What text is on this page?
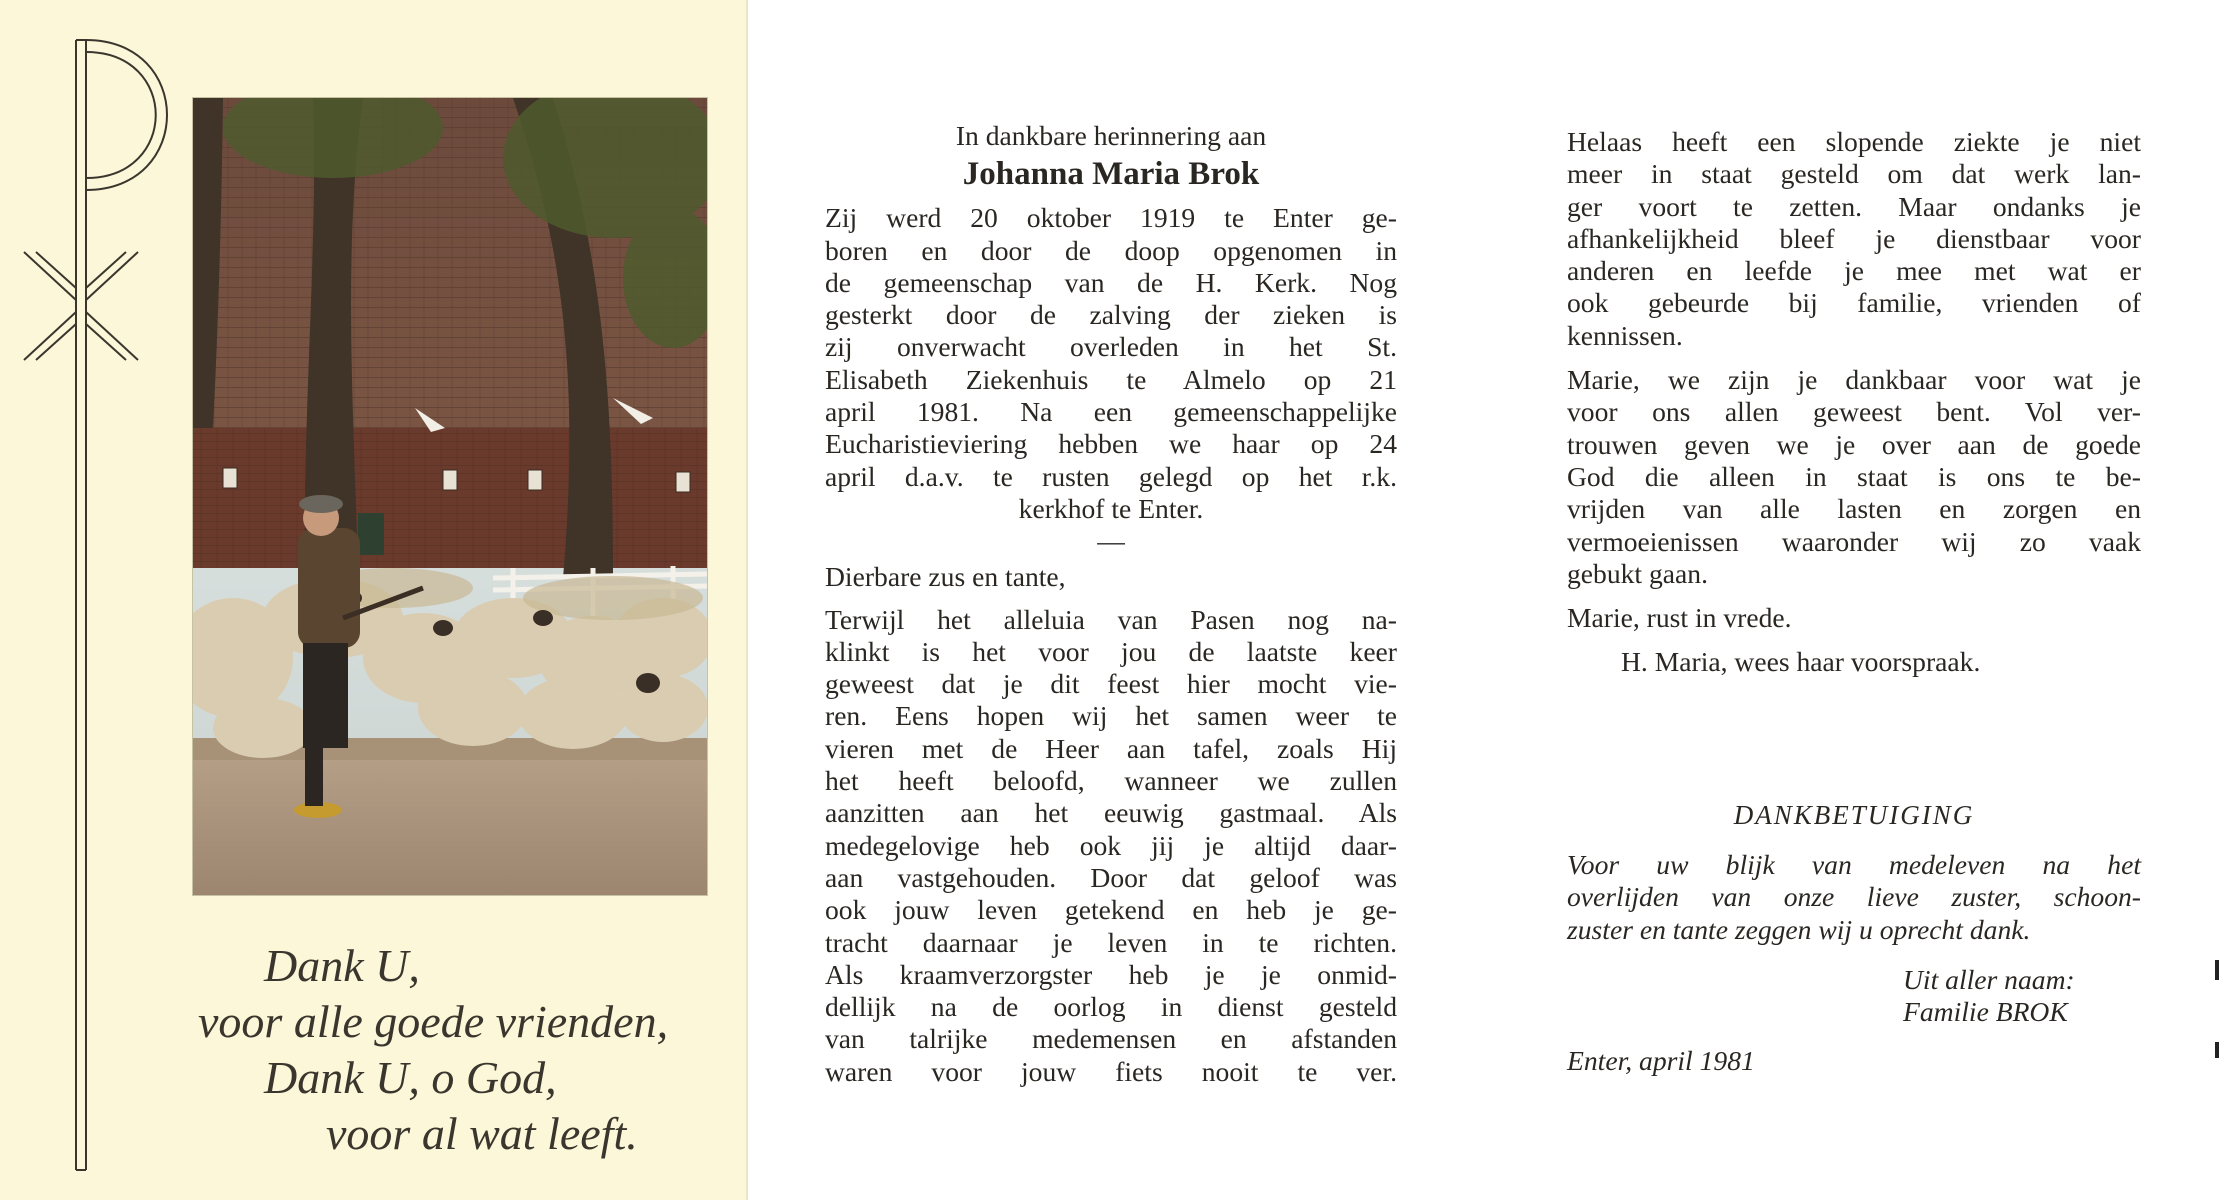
Dank U,
voor alle goede vrienden,
Dank U, o God,
voor al wat leeft.
In dankbare herinnering aan
Johanna Maria Brok
Zij werd 20 oktober 1919 te Enter ge-
boren en door de doop opgenomen in
de gemeenschap van de H. Kerk. Nog
gesterkt door de zalving der zieken is
zij onverwacht overleden in het St.
Elisabeth Ziekenhuis te Almelo op 21
april 1981. Na een gemeenschappelijke
Eucharistieviering hebben we haar op 24
april d.a.v. te rusten gelegd op het r.k.
kerkhof te Enter.
—
Dierbare zus en tante,
Terwijl het alleluia van Pasen nog na-
klinkt is het voor jou de laatste keer
geweest dat je dit feest hier mocht vie-
ren. Eens hopen wij het samen weer te
vieren met de Heer aan tafel, zoals Hij
het heeft beloofd, wanneer we zullen
aanzitten aan het eeuwig gastmaal. Als
medegelovige heb ook jij je altijd daar-
aan vastgehouden. Door dat geloof was
ook jouw leven getekend en heb je ge-
tracht daarnaar je leven in te richten.
Als kraamverzorgster heb je je onmid-
dellijk na de oorlog in dienst gesteld
van talrijke medemensen en afstanden
waren voor jouw fiets nooit te ver.
Helaas heeft een slopende ziekte je niet
meer in staat gesteld om dat werk lan-
ger voort te zetten. Maar ondanks je
afhankelijkheid bleef je dienstbaar voor
anderen en leefde je mee met wat er
ook gebeurde bij familie, vrienden of
kennissen.
Marie, we zijn je dankbaar voor wat je
voor ons allen geweest bent. Vol ver-
trouwen geven we je over aan de goede
God die alleen in staat is ons te be-
vrijden van alle lasten en zorgen en
vermoeienissen waaronder wij zo vaak
gebukt gaan.
Marie, rust in vrede.
H. Maria, wees haar voorspraak.
DANKBETUIGING
Voor uw blijk van medeleven na het
overlijden van onze lieve zuster, schoon-
zuster en tante zeggen wij u oprecht dank.
Uit aller naam:
Familie BROK
Enter, april 1981
